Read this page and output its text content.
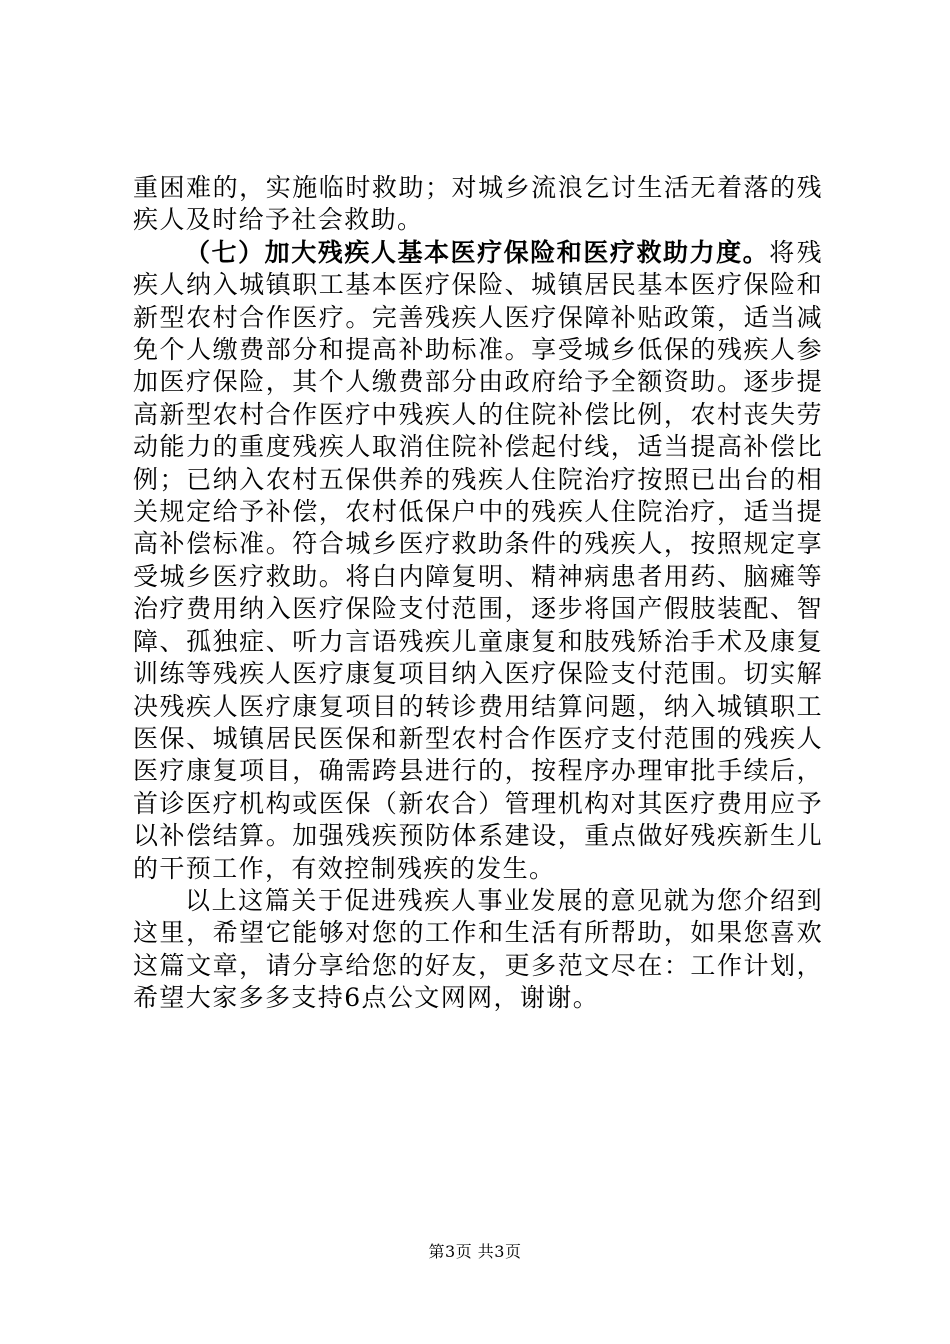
重困难的，实施临时救助；对城乡流浪乞讨生活无着落的残疾人及时给予社会救助。

（七）加大残疾人基本医疗保险和医疗救助力度。将残疾人纳入城镇职工基本医疗保险、城镇居民基本医疗保险和新型农村合作医疗。完善残疾人医疗保障补贴政策，适当减免个人缴费部分和提高补助标准。享受城乡低保的残疾人参加医疗保险，其个人缴费部分由政府给予全额资助。逐步提高新型农村合作医疗中残疾人的住院补偿比例，农村丧失劳动能力的重度残疾人取消住院补偿起付线，适当提高补偿比例；已纳入农村五保供养的残疾人住院治疗按照已出台的相关规定给予补偿，农村低保户中的残疾人住院治疗，适当提高补偿标准。符合城乡医疗救助条件的残疾人，按照规定享受城乡医疗救助。将白内障复明、精神病患者用药、脑瘫等治疗费用纳入医疗保险支付范围，逐步将国产假肢装配、智障、孤独症、听力言语残疾儿童康复和肢残矫治手术及康复训练等残疾人医疗康复项目纳入医疗保险支付范围。切实解决残疾人医疗康复项目的转诊费用结算问题，纳入城镇职工医保、城镇居民医保和新型农村合作医疗支付范围的残疾人医疗康复项目，确需跨县进行的，按程序办理审批手续后，首诊医疗机构或医保（新农合）管理机构对其医疗费用应予以补偿结算。加强残疾预防体系建设，重点做好残疾新生儿的干预工作，有效控制残疾的发生。

以上这篇关于促进残疾人事业发展的意见就为您介绍到这里，希望它能够对您的工作和生活有所帮助，如果您喜欢这篇文章，请分享给您的好友，更多范文尽在：工作计划，希望大家多多支持6点公文网网，谢谢。

第3页 共3页
